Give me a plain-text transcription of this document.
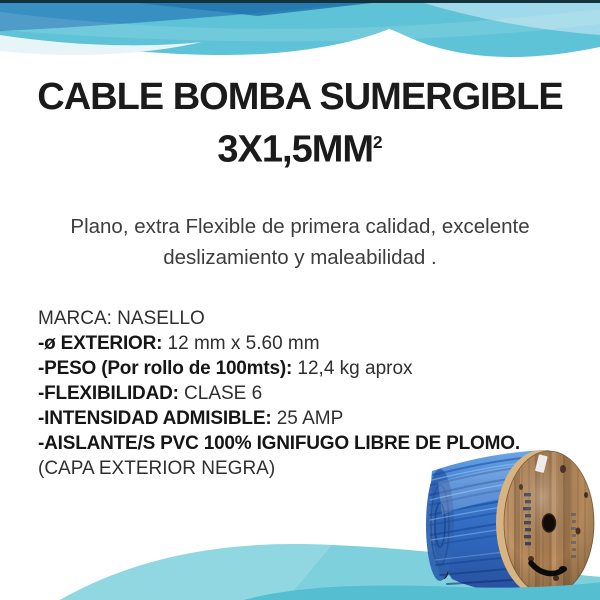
CABLE BOMBA SUMERGIBLE
$3X1,5MM^2$

Plano, extra Flexible de primera calidad, excelente
deslizamiento y maleabilidad .

MARCA: NASELLO
-ø EXTERIOR: 12 mm x 5.60 mm
-PESO (Por rollo de 100mts): 12,4 kg aprox
-FLEXIBILIDAD: CLASE 6
-INTENSIDAD ADMISIBLE: 25 AMP
-AISLANTE/S PVC 100% IGNIFUGO LIBRE DE PLOMO.
(CAPA EXTERIOR NEGRA)
